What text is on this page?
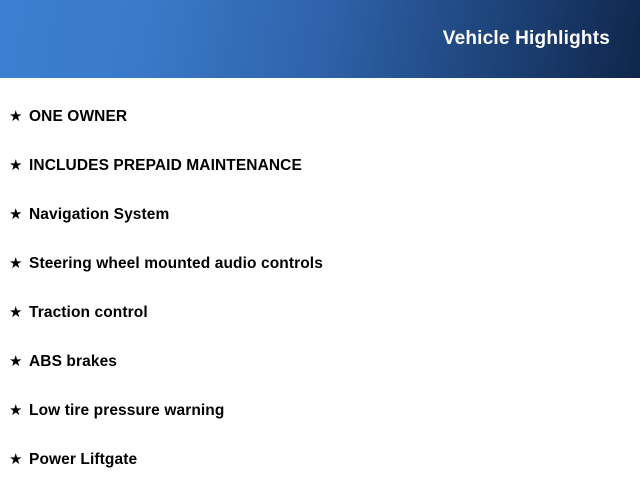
Vehicle Highlights
★ ONE OWNER
★ INCLUDES PREPAID MAINTENANCE
★ Navigation System
★ Steering wheel mounted audio controls
★ Traction control
★ ABS brakes
★ Low tire pressure warning
★ Power Liftgate
